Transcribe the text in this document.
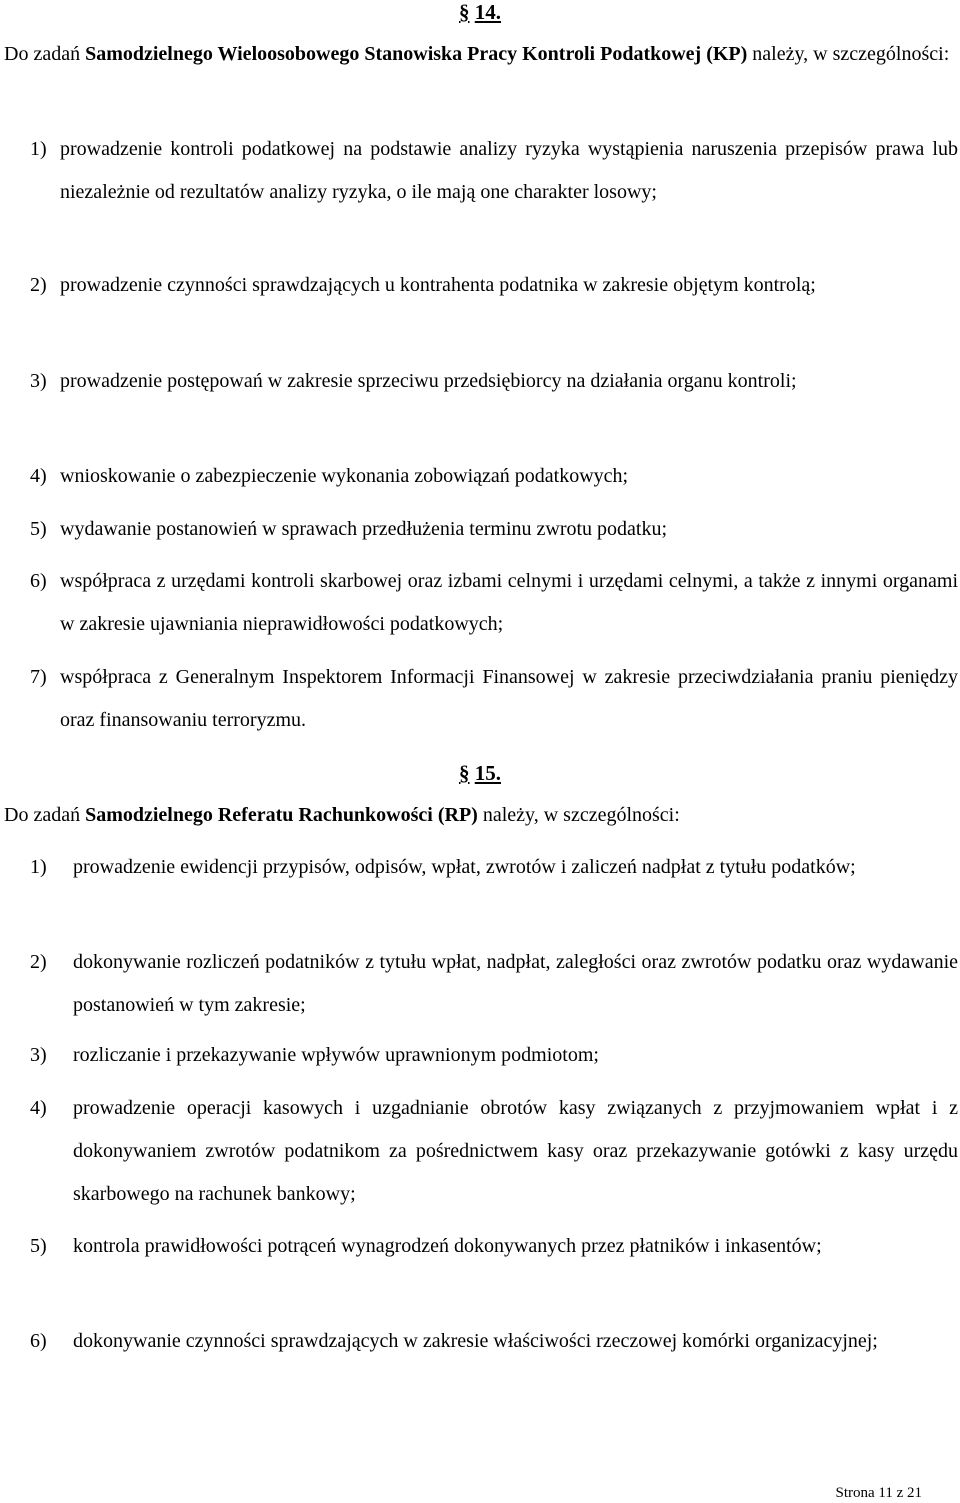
§ 14.
Do zadań Samodzielnego Wieloosobowego Stanowiska Pracy Kontroli Podatkowej (KP) należy, w szczególności:
1) prowadzenie kontroli podatkowej na podstawie analizy ryzyka wystąpienia naruszenia przepisów prawa lub niezależnie od rezultatów analizy ryzyka, o ile mają one charakter losowy;
2) prowadzenie czynności sprawdzających u kontrahenta podatnika w zakresie objętym kontrolą;
3) prowadzenie postępowań w zakresie sprzeciwu przedsiębiorcy na działania organu kontroli;
4) wnioskowanie o zabezpieczenie wykonania zobowiązań podatkowych;
5) wydawanie postanowień w sprawach przedłużenia terminu zwrotu podatku;
6) współpraca z urzędami kontroli skarbowej oraz izbami celnymi i urzędami celnymi, a także z innymi organami w zakresie ujawniania nieprawidłowości podatkowych;
7) współpraca z Generalnym Inspektorem Informacji Finansowej w zakresie przeciwdziałania praniu pieniędzy oraz finansowaniu terroryzmu.
§ 15.
Do zadań Samodzielnego Referatu Rachunkowości (RP) należy, w szczególności:
1) prowadzenie ewidencji przypisów, odpisów, wpłat, zwrotów i zaliczeń nadpłat z tytułu podatków;
2) dokonywanie rozliczeń podatników z tytułu wpłat, nadpłat, zaległości oraz zwrotów podatku oraz wydawanie postanowień w tym zakresie;
3) rozliczanie i przekazywanie wpływów uprawnionym podmiotom;
4) prowadzenie operacji kasowych i uzgadnianie obrotów kasy związanych z przyjmowaniem wpłat i z dokonywaniem zwrotów podatnikom za pośrednictwem kasy oraz przekazywanie gotówki z kasy urzędu skarbowego na rachunek bankowy;
5) kontrola prawidłowości potrąceń wynagrodzeń dokonywanych przez płatników i inkasentów;
6) dokonywanie czynności sprawdzających w zakresie właściwości rzeczowej komórki organizacyjnej;
Strona 11 z 21
